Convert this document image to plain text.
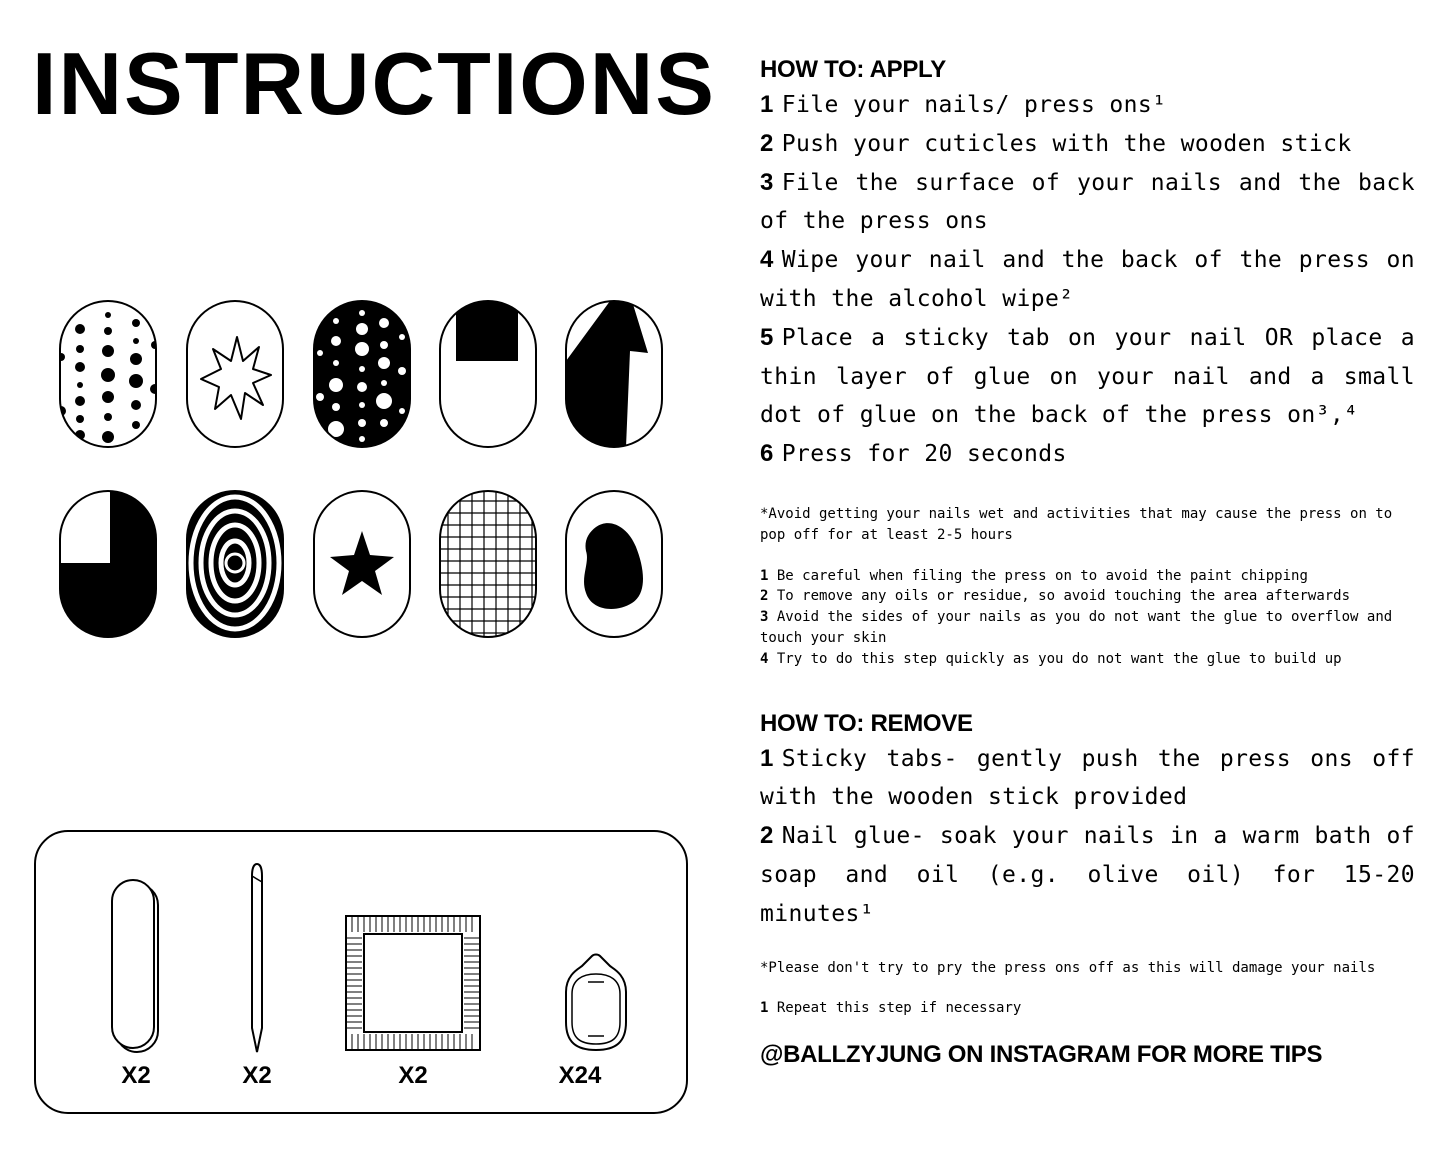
INSTRUCTIONS
X2	X2	X2	X24
HOW TO: APPLY

1 File your nails/ press ons¹

2 Push your cuticles with the wooden stick

3 File the surface of your nails and the back of the press ons

4 Wipe your nail and the back of the press on with the alcohol wipe²

5 Place a sticky tab on your nail OR place a thin layer of glue on your nail and a small dot of glue on the back of the press on³,⁴

6 Press for 20 seconds

*Avoid getting your nails wet and activities that may cause the press on to pop off for at least 2-5 hours

1 Be careful when filing the press on to avoid the paint chipping

2 To remove any oils or residue, so avoid touching the area afterwards

3 Avoid the sides of your nails as you do not want the glue to overflow and touch your skin

4 Try to do this step quickly as you do not want the glue to build up

HOW TO: REMOVE

1 Sticky tabs- gently push the press ons off with the wooden stick provided

2 Nail glue- soak your nails in a warm bath of soap and oil (e.g. olive oil) for 15-20 minutes¹

*Please don't try to pry the press ons off as this will damage your nails

1 Repeat this step if necessary

@BALLZYJUNG ON INSTAGRAM FOR MORE TIPS
